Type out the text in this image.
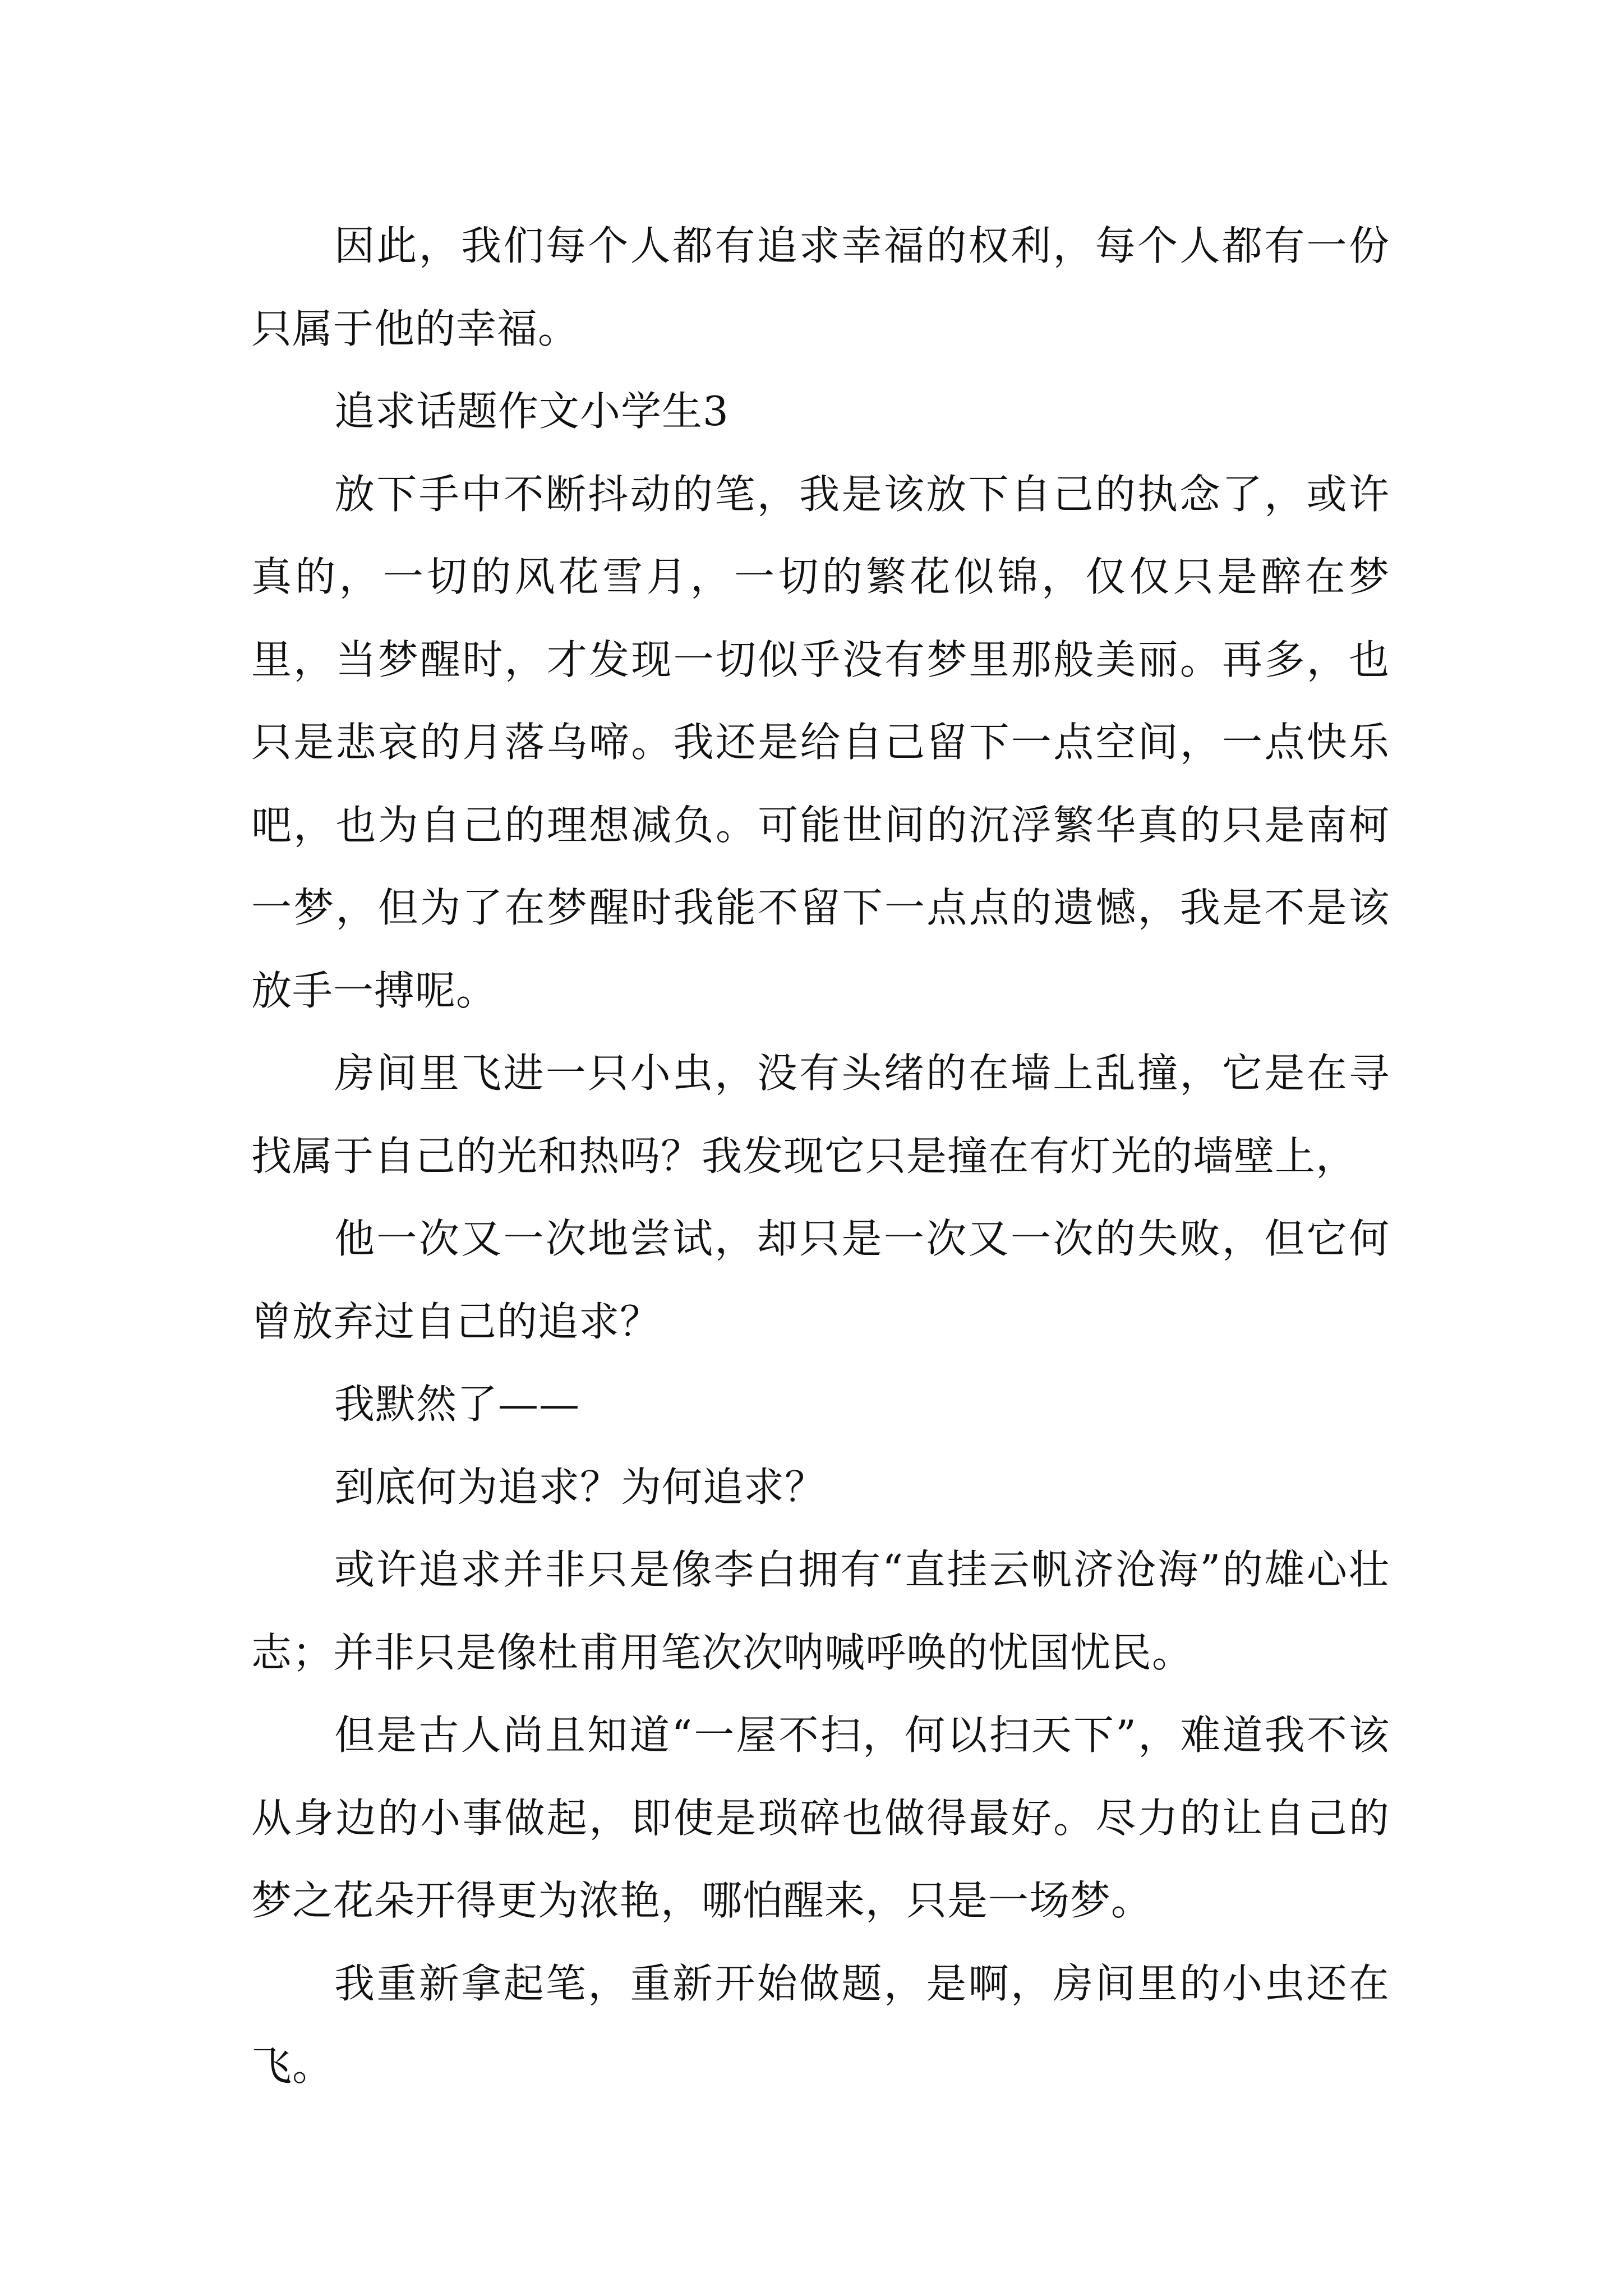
因此，我们每个人都有追求幸福的权利，每个人都有一份只属于他的幸福。

追求话题作文小学生3

放下手中不断抖动的笔，我是该放下自己的执念了，或许真的，一切的风花雪月，一切的繁花似锦，仅仅只是醉在梦里，当梦醒时，才发现一切似乎没有梦里那般美丽。再多，也只是悲哀的月落乌啼。我还是给自己留下一点空间，一点快乐吧，也为自己的理想减负。可能世间的沉浮繁华真的只是南柯一梦，但为了在梦醒时我能不留下一点点的遗憾，我是不是该放手一搏呢。

房间里飞进一只小虫，没有头绪的在墙上乱撞，它是在寻找属于自己的光和热吗？我发现它只是撞在有灯光的墙壁上，

他一次又一次地尝试，却只是一次又一次的失败，但它何曾放弃过自己的追求？

我默然了——

到底何为追求？为何追求？

或许追求并非只是像李白拥有“直挂云帆济沧海”的雄心壮志；并非只是像杜甫用笔次次呐喊呼唤的忧国忧民。

但是古人尚且知道“一屋不扫，何以扫天下”，难道我不该从身边的小事做起，即使是琐碎也做得最好。尽力的让自己的梦之花朵开得更为浓艳，哪怕醒来，只是一场梦。

我重新拿起笔，重新开始做题，是啊，房间里的小虫还在飞。
